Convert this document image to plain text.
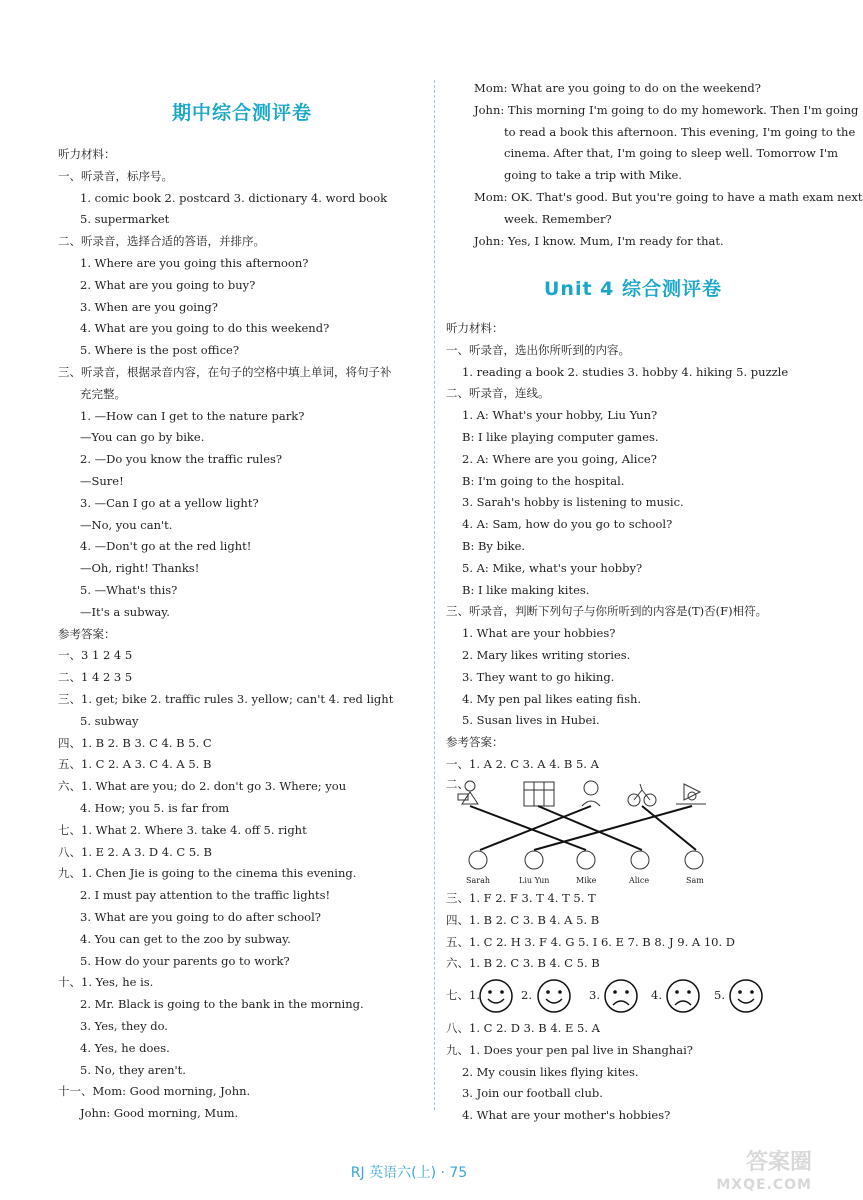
期中综合测评卷
听力材料：
一、听录音，标序号。
1. comic book 2. postcard 3. dictionary 4. word book
5. supermarket
二、听录音，选择合适的答语，并排序。
1. Where are you going this afternoon?
2. What are you going to buy?
3. When are you going?
4. What are you going to do this weekend?
5. Where is the post office?
三、听录音，根据录音内容，在句子的空格中填上单词，将句子补
充完整。
1. —How can I get to the nature park?
—You can go by bike.
2. —Do you know the traffic rules?
—Sure!
3. —Can I go at a yellow light?
—No, you can't.
4. —Don't go at the red light!
—Oh, right! Thanks!
5. —What's this?
—It's a subway.
参考答案：
一、3 1 2 4 5
二、1 4 2 3 5
三、1. get; bike 2. traffic rules 3. yellow; can't 4. red light
5. subway
四、1. B 2. B 3. C 4. B 5. C
五、1. C 2. A 3. C 4. A 5. B
六、1. What are you; do 2. don't go 3. Where; you
4. How; you 5. is far from
七、1. What 2. Where 3. take 4. off 5. right
八、1. E 2. A 3. D 4. C 5. B
九、1. Chen Jie is going to the cinema this evening.
2. I must pay attention to the traffic lights!
3. What are you going to do after school?
4. You can get to the zoo by subway.
5. How do your parents go to work?
十、1. Yes, he is.
2. Mr. Black is going to the bank in the morning.
3. Yes, they do.
4. Yes, he does.
5. No, they aren't.
十一、Mom: Good morning, John.
John: Good morning, Mum.
Mom: What are you going to do on the weekend?
John: This morning I'm going to do my homework. Then I'm going
to read a book this afternoon. This evening, I'm going to the
cinema. After that, I'm going to sleep well. Tomorrow I'm
going to take a trip with Mike.
Mom: OK. That's good. But you're going to have a math exam next
week. Remember?
John: Yes, I know. Mum, I'm ready for that.
Unit 4 综合测评卷
听力材料：
一、听录音，选出你所听到的内容。
1. reading a book 2. studies 3. hobby 4. hiking 5. puzzle
二、听录音，连线。
1. A: What's your hobby, Liu Yun?
B: I like playing computer games.
2. A: Where are you going, Alice?
B: I'm going to the hospital.
3. Sarah's hobby is listening to music.
4. A: Sam, how do you go to school?
B: By bike.
5. A: Mike, what's your hobby?
B: I like making kites.
三、听录音，判断下列句子与你所听到的内容是(T)否(F)相符。
1. What are your hobbies?
2. Mary likes writing stories.
3. They want to go hiking.
4. My pen pal likes eating fish.
5. Susan lives in Hubei.
参考答案：
一、1. A 2. C 3. A 4. B 5. A
二、
Sarah	Liu Yun	Mike	Alice	Sam
三、1. F 2. F 3. T 4. T 5. T
四、1. B 2. C 3. B 4. A 5. B
五、1. C 2. H 3. F 4. G 5. I 6. E 7. B 8. J 9. A 10. D
六、1. B 2. C 3. B 4. C 5. B
七、1.	2.	3.	4.	5.
八、1. C 2. D 3. B 4. E 5. A
九、1. Does your pen pal live in Shanghai?
2. My cousin likes flying kites.
3. Join our football club.
4. What are your mother's hobbies?
RJ 英语六(上) · 75	答案圈
MXQE.COM
